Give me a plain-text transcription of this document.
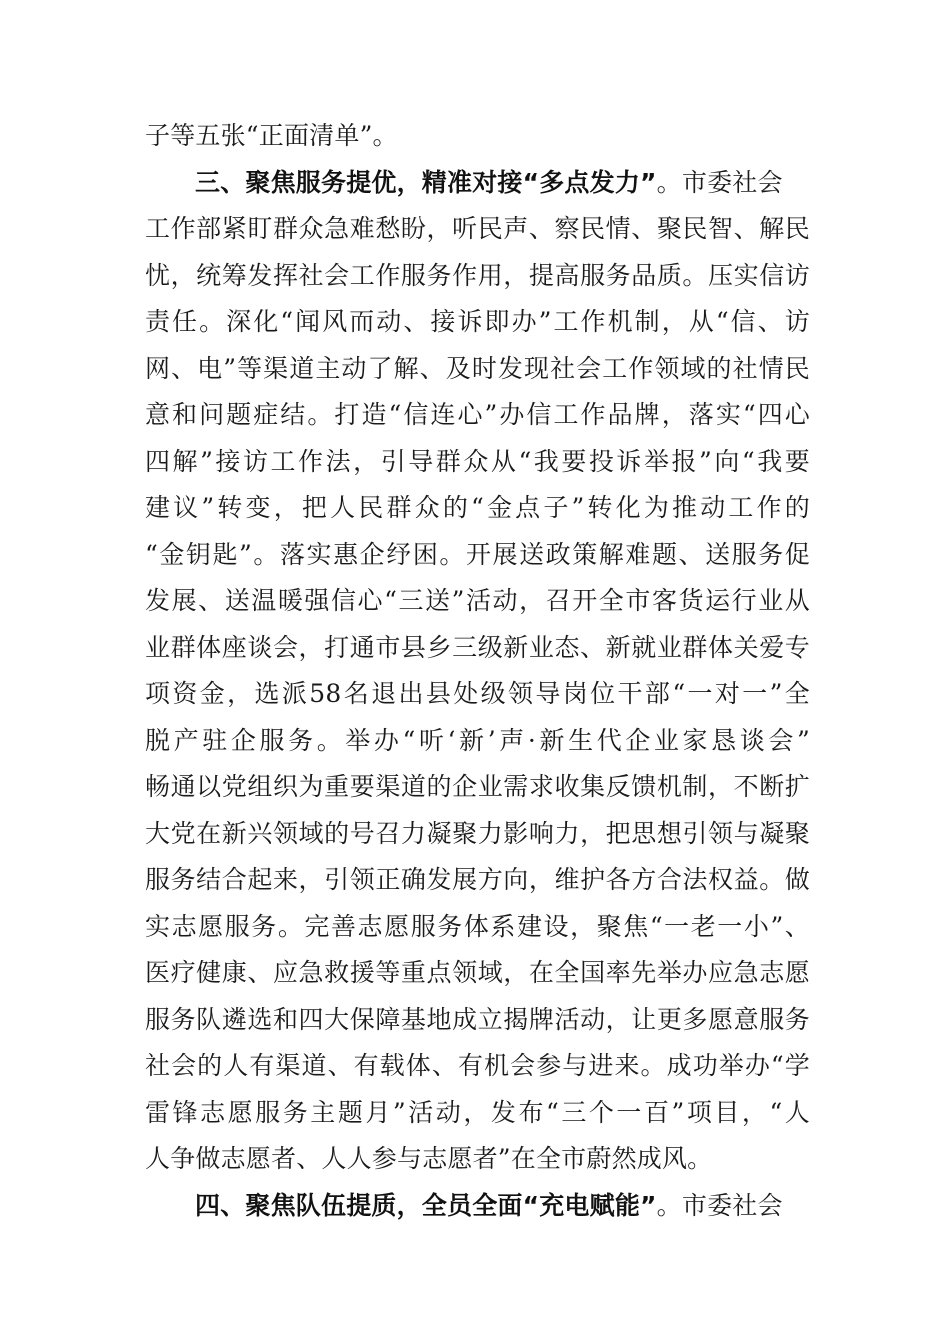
子等五张“正面清单”。
三、聚焦服务提优，精准对接“多点发力”。市委社会
工作部紧盯群众急难愁盼，听民声、察民情、聚民智、解民
忧，统筹发挥社会工作服务作用，提高服务品质。压实信访
责任。深化“闻风而动、接诉即办”工作机制，从“信、访
网、电”等渠道主动了解、及时发现社会工作领域的社情民
意和问题症结。打造“信连心”办信工作品牌，落实“四心
四解”接访工作法，引导群众从“我要投诉举报”向“我要
建议”转变，把人民群众的“金点子”转化为推动工作的
“金钥匙”。落实惠企纾困。开展送政策解难题、送服务促
发展、送温暖强信心“三送”活动，召开全市客货运行业从
业群体座谈会，打通市县乡三级新业态、新就业群体关爱专
项资金，选派58名退出县处级领导岗位干部“一对一”全
脱产驻企服务。举办“听‘新’声·新生代企业家恳谈会”
畅通以党组织为重要渠道的企业需求收集反馈机制，不断扩
大党在新兴领域的号召力凝聚力影响力，把思想引领与凝聚
服务结合起来，引领正确发展方向，维护各方合法权益。做
实志愿服务。完善志愿服务体系建设，聚焦“一老一小”、
医疗健康、应急救援等重点领域，在全国率先举办应急志愿
服务队遴选和四大保障基地成立揭牌活动，让更多愿意服务
社会的人有渠道、有载体、有机会参与进来。成功举办“学
雷锋志愿服务主题月”活动，发布“三个一百”项目，“人
人争做志愿者、人人参与志愿者”在全市蔚然成风。
四、聚焦队伍提质，全员全面“充电赋能”。市委社会
